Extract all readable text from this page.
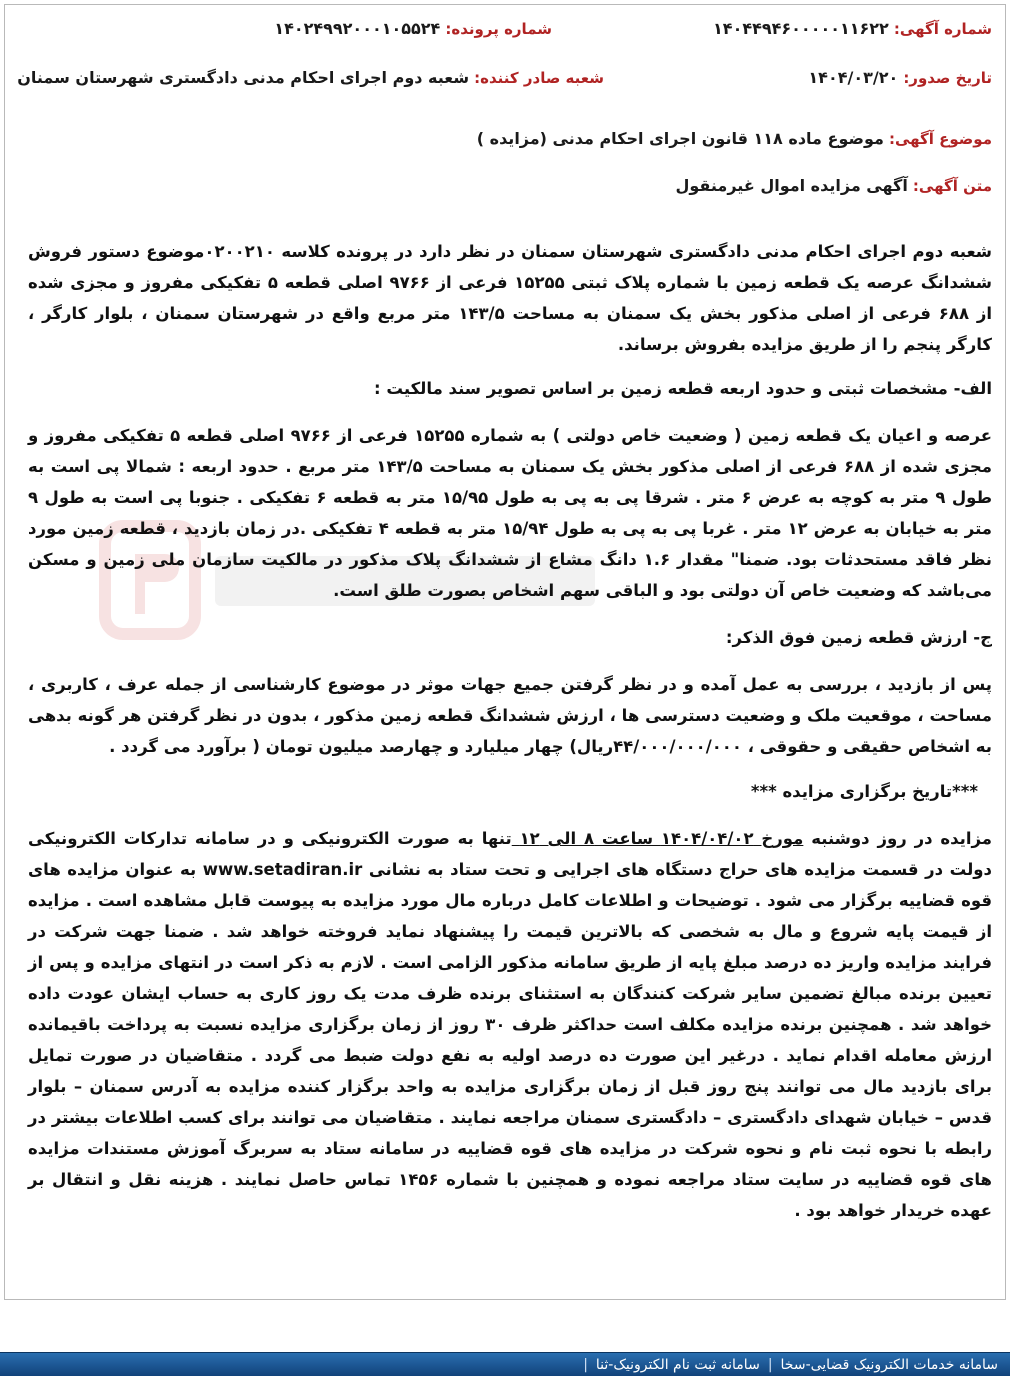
شماره آگهی: ۱۴۰۴۴۹۴۶۰۰۰۰۰۱۱۶۲۲
شماره پرونده: ۱۴۰۲۴۹۹۲۰۰۰۱۰۵۵۲۴
تاریخ صدور: ۱۴۰۴/۰۳/۲۰
شعبه صادر کننده: شعبه دوم اجرای احکام مدنی دادگستری شهرستان سمنان
موضوع آگهی: موضوع ماده ۱۱۸ قانون اجرای احکام مدنی (مزایده )
متن آگهی: آگهی مزایده اموال غیرمنقول

شعبه دوم اجرای احکام مدنی دادگستری شهرستان سمنان در نظر دارد در پرونده کلاسه ۰۲۰۰۲۱۰موضوع دستور فروش ششدانگ عرصه یک قطعه زمین با شماره پلاک ثبتی ۱۵۲۵۵ فرعی از ۹۷۶۶ اصلی قطعه ۵ تفکیکی مفروز و مجزی شده از ۶۸۸ فرعی از اصلی مذکور بخش یک سمنان به مساحت ۱۴۳/۵ متر مربع واقع در شهرستان سمنان ، بلوار کارگر ، کارگر پنجم را از طریق مزایده بفروش برساند.

الف- مشخصات ثبتی و حدود اربعه قطعه زمین بر اساس تصویر سند مالکیت :

عرصه و اعیان یک قطعه زمین ( وضعیت خاص دولتی ) به شماره ۱۵۲۵۵ فرعی از ۹۷۶۶ اصلی قطعه ۵ تفکیکی مفروز و مجزی شده از ۶۸۸ فرعی از اصلی مذکور بخش یک سمنان به مساحت ۱۴۳/۵ متر مربع . حدود اربعه : شمالا پی است به طول ۹ متر به کوچه به عرض ۶ متر . شرقا پی به پی به طول ۱۵/۹۵ متر به قطعه ۶ تفکیکی . جنوبا پی است به طول ۹ متر به خیابان به عرض ۱۲ متر . غربا پی به پی به طول ۱۵/۹۴ متر به قطعه ۴ تفکیکی .در زمان بازدید ، قطعه زمین مورد نظر فاقد مستحدثات بود. ضمنا" مقدار ۱.۶ دانگ مشاع از ششدانگ پلاک مذکور در مالکیت سازمان ملی زمین و مسکن می‌باشد که وضعیت خاص آن دولتی بود و الباقی سهم اشخاص بصورت طلق است.

ج- ارزش قطعه زمین فوق الذکر:

پس از بازدید ، بررسی به عمل آمده و در نظر گرفتن جمیع جهات موثر در موضوع کارشناسی از جمله عرف ، کاربری ، مساحت ، موقعیت ملک و وضعیت دسترسی ها ، ارزش ششدانگ قطعه زمین مذکور ، بدون در نظر گرفتن هر گونه بدهی به اشخاص حقیقی و حقوقی ، ۴۴/۰۰۰/۰۰۰/۰۰۰ریال) چهار میلیارد و چهارصد میلیون تومان ( برآورد می گردد .

***تاریخ برگزاری مزایده ***

مزایده در روز دوشنبه مورخ ۱۴۰۴/۰۴/۰۲ ساعت ۸ الی ۱۲ تنها به صورت الکترونیکی و در سامانه تدارکات الکترونیکی دولت در قسمت مزایده های حراج دستگاه های اجرایی و تحت ستاد به نشانی www.setadiran.ir به عنوان مزایده های قوه قضاییه برگزار می شود . توضیحات و اطلاعات کامل درباره مال مورد مزایده به پیوست قابل مشاهده است . مزایده از قیمت پایه شروع و مال به شخصی که بالاترین قیمت را پیشنهاد نماید فروخته خواهد شد . ضمنا جهت شرکت در فرایند مزایده واریز ده درصد مبلغ پایه از طریق سامانه مذکور الزامی است . لازم به ذکر است در انتهای مزایده و پس از تعیین برنده مبالغ تضمین سایر شرکت کنندگان به استثنای برنده ظرف مدت یک روز کاری به حساب ایشان عودت داده خواهد شد . همچنین برنده مزایده مکلف است حداکثر ظرف ۳۰ روز از زمان برگزاری مزایده نسبت به پرداخت باقیمانده ارزش معامله اقدام نماید . درغیر این صورت ده درصد اولیه به نفع دولت ضبط می گردد . متقاضیان در صورت تمایل برای بازدید مال می توانند پنج روز قبل از زمان برگزاری مزایده به واحد برگزار کننده مزایده به آدرس سمنان – بلوار قدس – خیابان شهدای دادگستری – دادگستری سمنان مراجعه نمایند . متقاضیان می توانند برای کسب اطلاعات بیشتر در رابطه با نحوه ثبت نام و نحوه شرکت در مزایده های قوه قضاییه در سامانه ستاد به سربرگ آموزش مستندات مزایده های قوه قضاییه در سایت ستاد مراجعه نموده و همچنین با شماره ۱۴۵۶ تماس حاصل نمایند . هزینه نقل و انتقال بر عهده خریدار خواهد بود .

سامانه خدمات الکترونیک قضایی-سخا
|
سامانه ثبت نام الکترونیک-ثنا
|
